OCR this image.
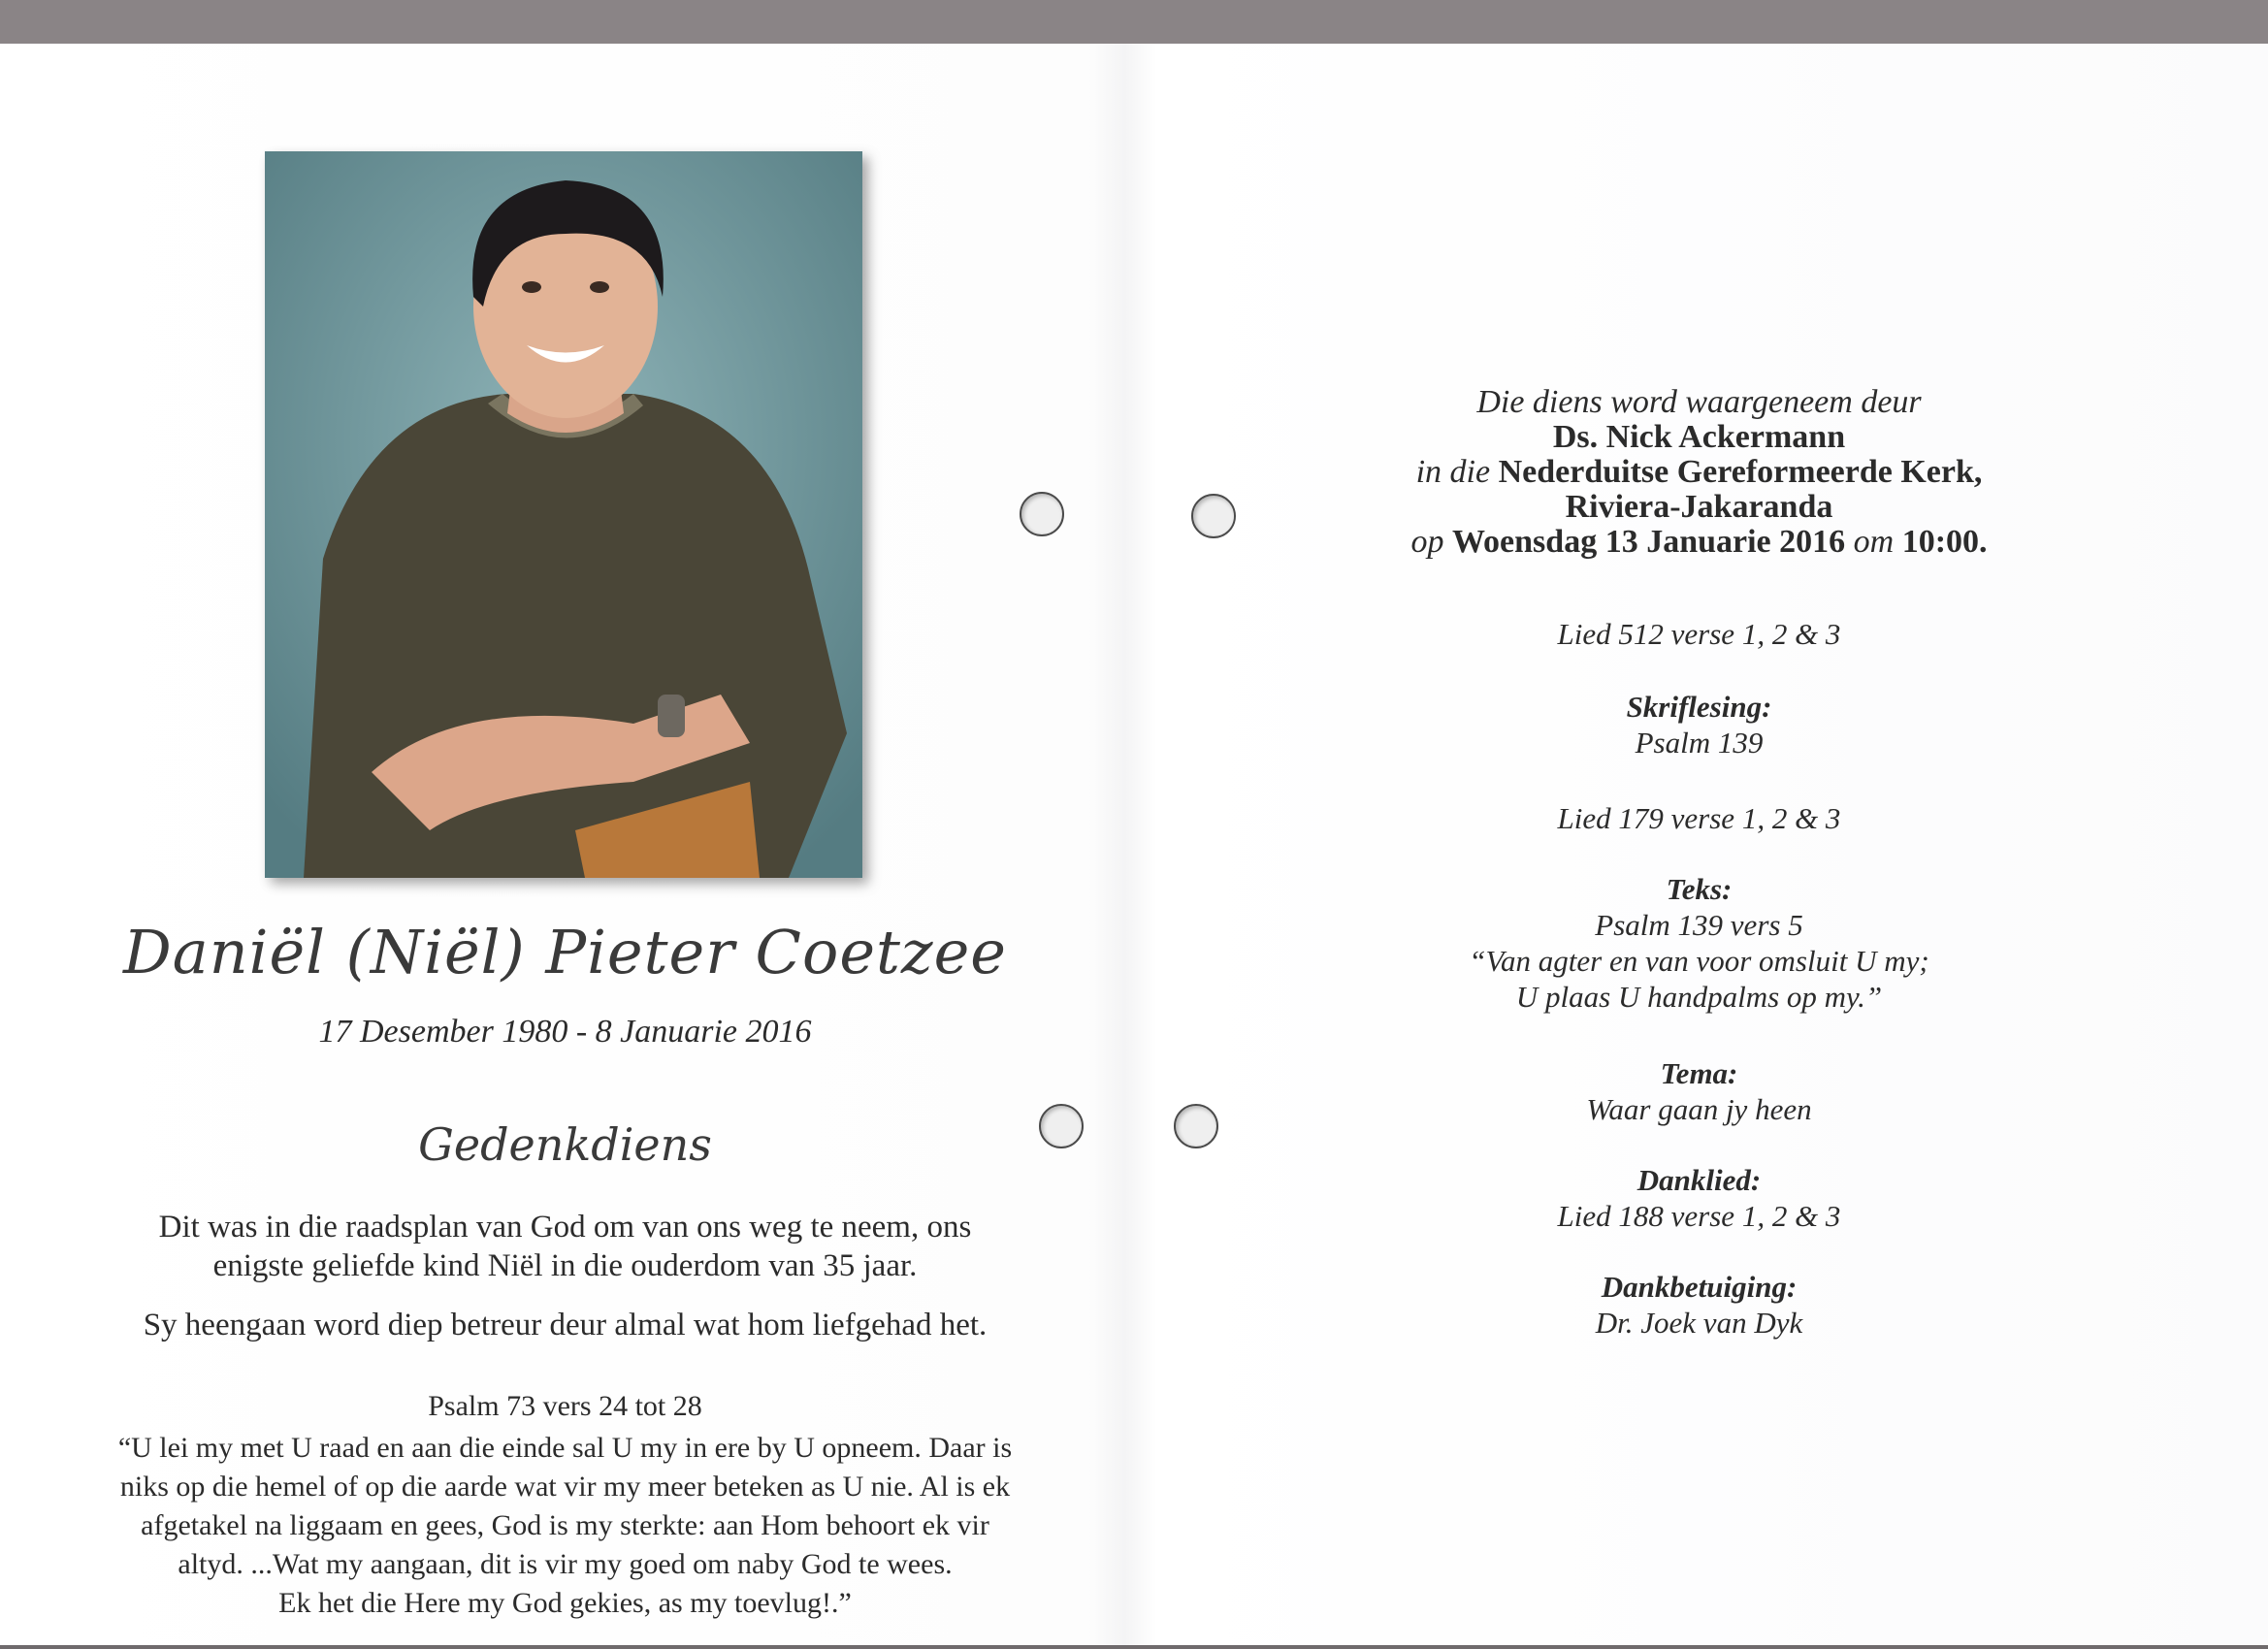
Daniël (Niël) Pieter Coetzee
17 Desember 1980 - 8 Januarie 2016
Gedenkdiens
Dit was in die raadsplan van God om van ons weg te neem, ons
enigste geliefde kind Niël in die ouderdom van 35 jaar.
Sy heengaan word diep betreur deur almal wat hom liefgehad het.
Psalm 73 vers 24 tot 28
“U lei my met U raad en aan die einde sal U my in ere by U opneem. Daar is
niks op die hemel of op die aarde wat vir my meer beteken as U nie. Al is ek
afgetakel na liggaam en gees, God is my sterkte: aan Hom behoort ek vir
altyd. ...Wat my aangaan, dit is vir my goed om naby God te wees.
Ek het die Here my God gekies, as my toevlug!.”
Die diens word waargeneem deur
Ds. Nick Ackermann
in die Nederduitse Gereformeerde Kerk,
Riviera-Jakaranda
op Woensdag 13 Januarie 2016 om 10:00.
Lied 512 verse 1, 2 & 3
Skriflesing:
Psalm 139
Lied 179 verse 1, 2 & 3
Teks:
Psalm 139 vers 5
“Van agter en van voor omsluit U my;
U plaas U handpalms op my.”
Tema:
Waar gaan jy heen
Danklied:
Lied 188 verse 1, 2 & 3
Dankbetuiging:
Dr. Joek van Dyk
